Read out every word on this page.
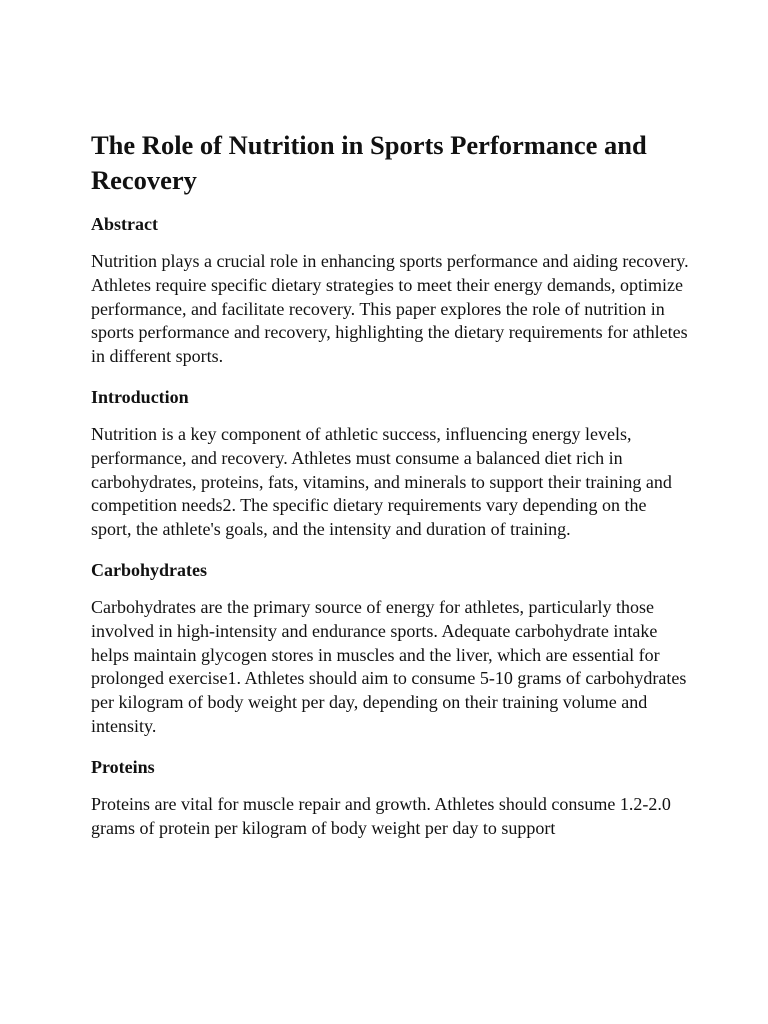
The Role of Nutrition in Sports Performance and Recovery
Abstract

Nutrition plays a crucial role in enhancing sports performance and aiding recovery. Athletes require specific dietary strategies to meet their energy demands, optimize performance, and facilitate recovery. This paper explores the role of nutrition in sports performance and recovery, highlighting the dietary requirements for athletes in different sports.

Introduction

Nutrition is a key component of athletic success, influencing energy levels, performance, and recovery. Athletes must consume a balanced diet rich in carbohydrates, proteins, fats, vitamins, and minerals to support their training and competition needs2. The specific dietary requirements vary depending on the sport, the athlete's goals, and the intensity and duration of training.

Carbohydrates

Carbohydrates are the primary source of energy for athletes, particularly those involved in high-intensity and endurance sports. Adequate carbohydrate intake helps maintain glycogen stores in muscles and the liver, which are essential for prolonged exercise1. Athletes should aim to consume 5-10 grams of carbohydrates per kilogram of body weight per day, depending on their training volume and intensity.

Proteins

Proteins are vital for muscle repair and growth. Athletes should consume 1.2-2.0 grams of protein per kilogram of body weight per day to support
